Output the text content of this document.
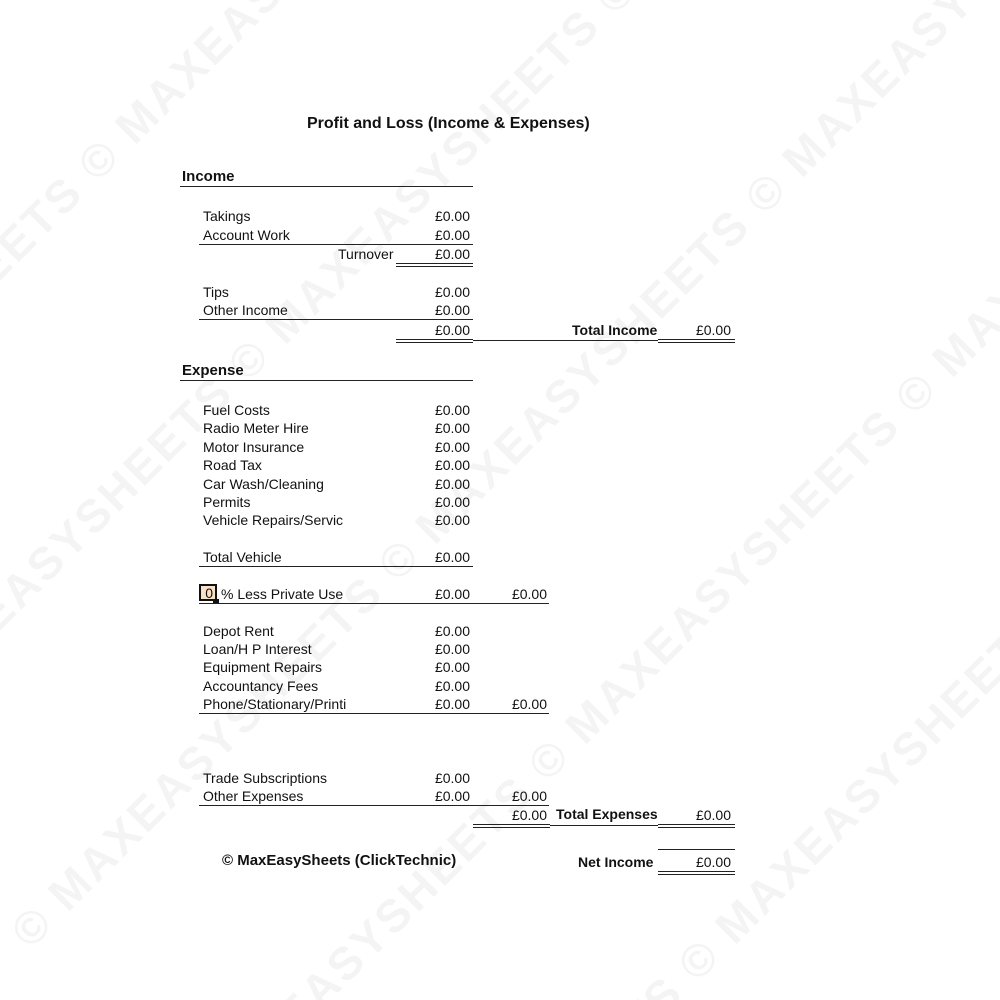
Profit and Loss (Income & Expenses)
Income
Takings	£0.00
Account Work	£0.00
Turnover	£0.00
Tips	£0.00
Other Income	£0.00
£0.00	Total Income	£0.00
Expense
Fuel Costs	£0.00
Radio Meter Hire	£0.00
Motor Insurance	£0.00
Road Tax	£0.00
Car Wash/Cleaning	£0.00
Permits	£0.00
Vehicle Repairs/Servic	£0.00
Total Vehicle	£0.00
0 % Less Private Use	£0.00	£0.00
Depot Rent	£0.00
Loan/H P Interest	£0.00
Equipment Repairs	£0.00
Accountancy Fees	£0.00
Phone/Stationary/Printi	£0.00	£0.00
Trade Subscriptions	£0.00
Other Expenses	£0.00	£0.00
£0.00 Total Expenses	£0.00
© MaxEasySheets (ClickTechnic)	Net Income	£0.00
